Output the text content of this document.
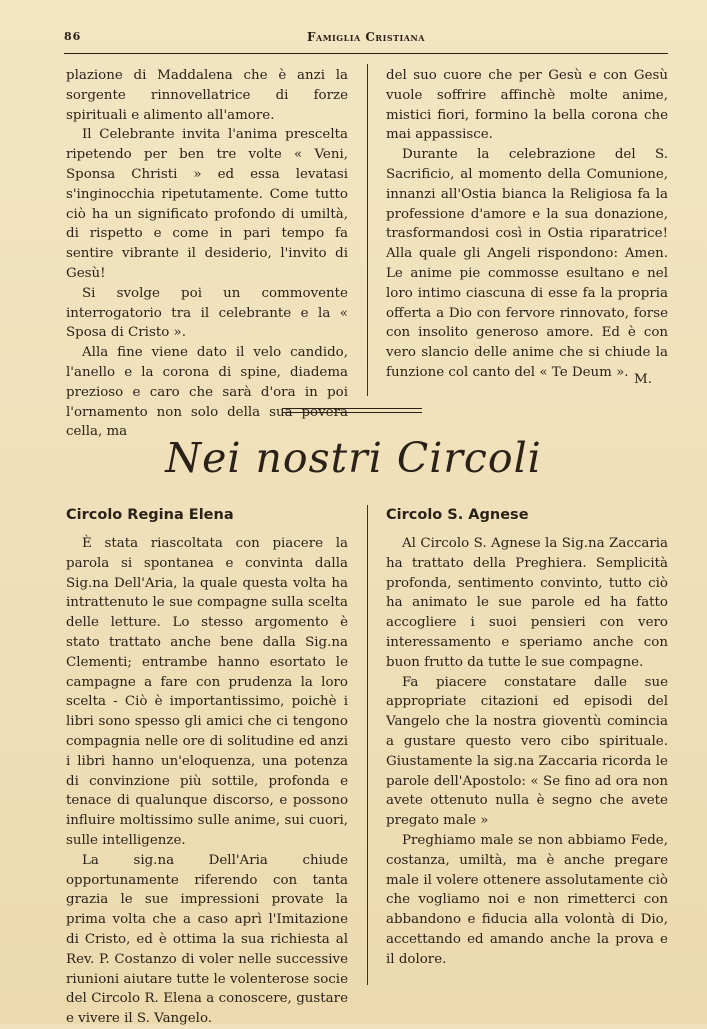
86	Famiglia Cristiana

plazione di Maddalena che è anzi la sorgente rinnovellatrice di forze spirituali e alimento all'amore.

Il Celebrante invita l'anima prescelta ripetendo per ben tre volte « Veni, Sponsa Christi » ed essa levatasi s'inginocchia ripetutamente. Come tutto ciò ha un significato profondo di umiltà, di rispetto e come in pari tempo fa sentire vibrante il desiderio, l'invito di Gesù!

Si svolge poi un commovente interrogatorio tra il celebrante e la « Sposa di Cristo ».

Alla fine viene dato il velo candido, l'anello e la corona di spine, diadema prezioso e caro che sarà d'ora in poi l'ornamento non solo della sua povera cella, ma

del suo cuore che per Gesù e con Gesù vuole soffrire affinchè molte anime, mistici fiori, formino la bella corona che mai appassisce.

Durante la celebrazione del S. Sacrificio, al momento della Comunione, innanzi all'Ostia bianca la Religiosa fa la professione d'amore e la sua donazione, trasformandosi così in Ostia riparatrice! Alla quale gli Angeli rispondono: Amen. Le anime pie commosse esultano e nel loro intimo ciascuna di esse fa la propria offerta a Dio con fervore rinnovato, forse con insolito generoso amore. Ed è con vero slancio delle anime che si chiude la funzione col canto del « Te Deum ». M.
Nei nostri Circoli
Circolo Regina Elena	Circolo S. Agnese

È stata riascoltata con piacere la parola si spontanea e convinta dalla Sig.na Dell'Aria, la quale questa volta ha intrattenuto le sue compagne sulla scelta delle letture. Lo stesso argomento è stato trattato anche bene dalla Sig.na Clementi; entrambe hanno esortato le campagne a fare con prudenza la loro scelta - Ciò è importantissimo, poichè i libri sono spesso gli amici che ci tengono compagnia nelle ore di solitudine ed anzi i libri hanno un'eloquenza, una potenza di convinzione più sottile, profonda e tenace di qualunque discorso, e possono influire moltissimo sulle anime, sui cuori, sulle intelligenze.

La sig.na Dell'Aria chiude opportunamente riferendo con tanta grazia le sue impressioni provate la prima volta che a caso aprì l'Imitazione di Cristo, ed è ottima la sua richiesta al Rev. P. Costanzo di voler nelle successive riunioni aiutare tutte le volenterose socie del Circolo R. Elena a conoscere, gustare e vivere il S. Vangelo.

Al Circolo S. Agnese la Sig.na Zaccaria ha trattato della Preghiera. Semplicità profonda, sentimento convinto, tutto ciò ha animato le sue parole ed ha fatto accogliere i suoi pensieri con vero interessamento e speriamo anche con buon frutto da tutte le sue compagne.

Fa piacere constatare dalle sue appropriate citazioni ed episodi del Vangelo che la nostra gioventù comincia a gustare questo vero cibo spirituale. Giustamente la sig.na Zaccaria ricorda le parole dell'Apostolo: « Se fino ad ora non avete ottenuto nulla è segno che avete pregato male »

Preghiamo male se non abbiamo Fede, costanza, umiltà, ma è anche pregare male il volere ottenere assolutamente ciò che vogliamo noi e non rimetterci con abbandono e fiducia alla volontà di Dio, accettando ed amando anche la prova e il dolore.
